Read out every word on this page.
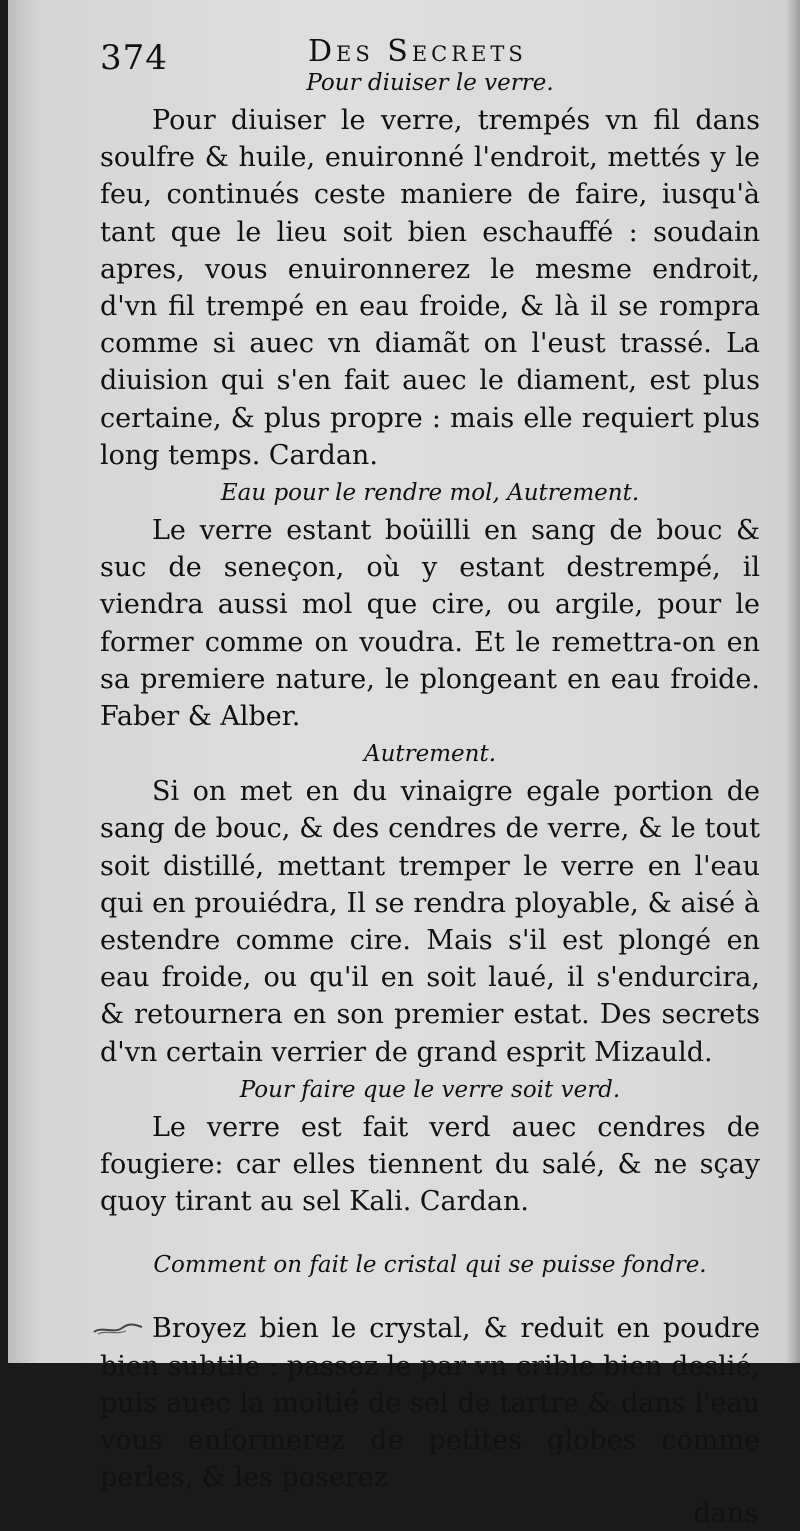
374	Des Secrets
Pour diuiser le verre.

Pour diuiser le verre, trempés vn fil dans soulfre & huile, enuironné l'endroit, mettés y le feu, continués ceste maniere de faire, iusqu'à tant que le lieu soit bien eschauffé : soudain apres, vous enuironnerez le mesme endroit, d'vn fil trempé en eau froide, & là il se rompra comme si auec vn diamãt on l'eust trassé. La diuision qui s'en fait auec le diament, est plus certaine, & plus propre : mais elle requiert plus long temps. Cardan.

Eau pour le rendre mol, Autrement.

Le verre estant boüilli en sang de bouc & suc de seneçon, où y estant destrempé, il viendra aussi mol que cire, ou argile, pour le former comme on voudra. Et le remettra-on en sa premiere nature, le plongeant en eau froide. Faber & Alber.

Autrement.

Si on met en du vinaigre egale portion de sang de bouc, & des cendres de verre, & le tout soit distillé, mettant tremper le verre en l'eau qui en prouiédra, Il se rendra ployable, & aisé à estendre comme cire. Mais s'il est plongé en eau froide, ou qu'il en soit laué, il s'endurcira, & retournera en son premier estat. Des secrets d'vn certain verrier de grand esprit Mizauld.

Pour faire que le verre soit verd.

Le verre est fait verd auec cendres de fougiere: car elles tiennent du salé, & ne sçay quoy tirant au sel Kali. Cardan.

Comment on fait le cristal qui se puisse fondre.

Broyez bien le crystal, & reduit en poudre bien subtile : passez le par vn crible bien deslié, puis auec la moitié de sel de tartre & dans l'eau vous enformerez de petites globes comme perles, & les poserez

dans
